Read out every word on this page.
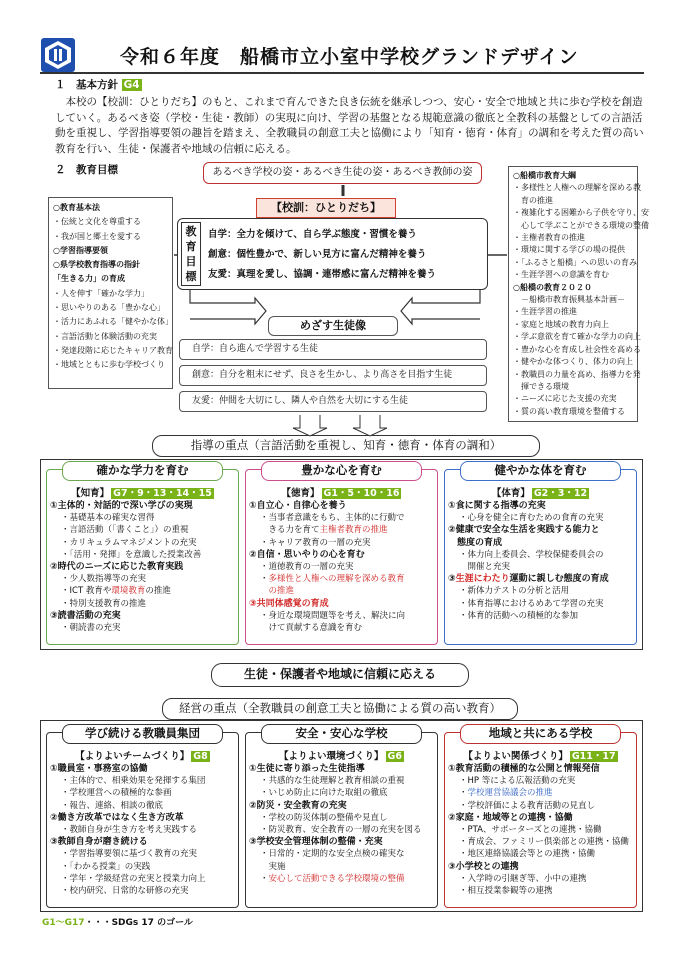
令和６年度　船橋市立小室中学校グランドデザイン
１　基本方針 G4
本校の【校訓：ひとりだち】のもと、これまで育んできた良き伝統を継承しつつ、安心・安全で地域と共に歩む学校を創造していく。あるべき姿（学校・生徒・教師）の実現に向け、学習の基盤となる規範意識の徹底と全教科の基盤としての言語活動を重視し、学習指導要領の趣旨を踏まえ、全教職員の創意工夫と協働により「知育・徳育・体育」の調和を考えた質の高い教育を行い、生徒・保護者や地域の信頼に応える。
２　教育目標
○教育基本法
・伝統と文化を尊重する
・我が国と郷土を愛する
○学習指導要領
○県学校教育指導の指針
「生きる力」の育成
・人を伸す「確かな学力」
・思いやりのある「豊かな心」
・活力にあふれる「健やかな体」
・言語活動と体験活動の充実
・発達段階に応じたキャリア教育
・地域とともに歩む学校づくり
○船橋市教育大綱
・多様性と人権への理解を深める教
　育の推進
・複雑化する困難から子供を守り、安
　心して学ぶことができる環境の整備
・主権者教育の推進
・環境に関する学びの場の提供
・「ふるさと船橋」への思いの育み
・生涯学習への意識を育む
○船橋の教育２０２０
　－船橋市教育振興基本計画－
・生涯学習の推進
・家庭と地域の教育力向上
・学ぶ意欲を育て確かな学力の向上
・豊かな心を育成し社会性を高める
・健やかな体つくり、体力の向上
・教職員の力量を高め、指導力を発
　揮できる環境
・ニーズに応じた支援の充実
・質の高い教育環境を整備する
あるべき学校の姿・あるべき生徒の姿・あるべき教師の姿
【校訓：ひとりだち】
教
育
目
標
自学：全力を傾けて、自ら学ぶ態度・習慣を養う
創意：個性豊かで、新しい見方に富んだ精神を養う
友愛：真理を愛し、協調・連帯感に富んだ精神を養う
めざす生徒像
自学：自ら進んで学習する生徒
創意：自分を粗末にせず、良さを生かし、より高さを目指す生徒
友愛：仲間を大切にし、隣人や自然を大切にする生徒
指導の重点（言語活動を重視し、知育・徳育・体育の調和）
確かな学力を育む
【知育】 G7・9・13・14・15
①主体的・対話的で深い学びの実現
・基礎基本の確実な習得
・言語活動（「書くこと」）の重視
・カリキュラムマネジメントの充実
・「活用・発揮」を意識した授業改善
②時代のニーズに応じた教育実践
・少人数指導等の充実
・ICT 教育や環境教育の推進
・特別支援教育の推進
③読書活動の充実
・朝読書の充実
豊かな心を育む
【徳育】 G1・5・10・16
①自立心・自律心を養う
・当事者意識をもち、主体的に行動で
　きる力を育て主権者教育の推進
・キャリア教育の一層の充実
②自信・思いやりの心を育む
・道徳教育の一層の充実
・多様性と人権への理解を深める教育
　の推進
③共同体感覚の育成
・身近な環境問題等を考え、解決に向
　けて貢献する意識を育む
健やかな体を育む
【体育】 G2・3・12
①食に関する指導の充実
・心身を健全に育むための食育の充実
②健康で安全な生活を実践する能力と
　態度の育成
・体力向上委員会、学校保健委員会の
　開催と充実
③生涯にわたり運動に親しむ態度の育成
・新体力テストの分析と活用
・体育指導におけるめあて学習の充実
・体育的活動への積極的な参加
生徒・保護者や地域に信頼に応える
経営の重点（全教職員の創意工夫と協働による質の高い教育）
学び続ける教職員集団
【よりよいチームづくり】 G8
①職員室・事務室の協働
・主体的で、相乗効果を発揮する集団
・学校運営への積極的な参画
・報告、連絡、相談の徹底
②働き方改革ではなく生き方改革
・教師自身が生き方を考え実践する
③教師自身が磨き続ける
・学習指導要領に基づく教育の充実
・「わかる授業」の実践
・学年・学級経営の充実と授業力向上
・校内研究、日常的な研修の充実
安全・安心な学校
【よりよい環境づくり】 G6
①生徒に寄り添った生徒指導
・共感的な生徒理解と教育相談の重視
・いじめ防止に向けた取組の徹底
②防災・安全教育の充実
・学校の防災体制の整備や見直し
・防災教育、安全教育の一層の充実を図る
③学校安全管理体制の整備・充実
・日常的・定期的な安全点検の確実な
　実施
・安心して活動できる学校環境の整備
地域と共にある学校
【よりよい関係づくり】 G11・17
①教育活動の積極的な公開と情報発信
・HP 等による広報活動の充実
・学校運営協議会の推進
・学校評価による教育活動の見直し
②家庭・地域等との連携・協働
・PTA、サポーターズとの連携・協働
・育成会、ファミリー倶楽部との連携・協働
・地区連絡協議会等との連携・協働
③小学校との連携
・入学時の引継ぎ等、小中の連携
・相互授業参観等の連携
G1～G17・・・SDGs 17 のゴール
